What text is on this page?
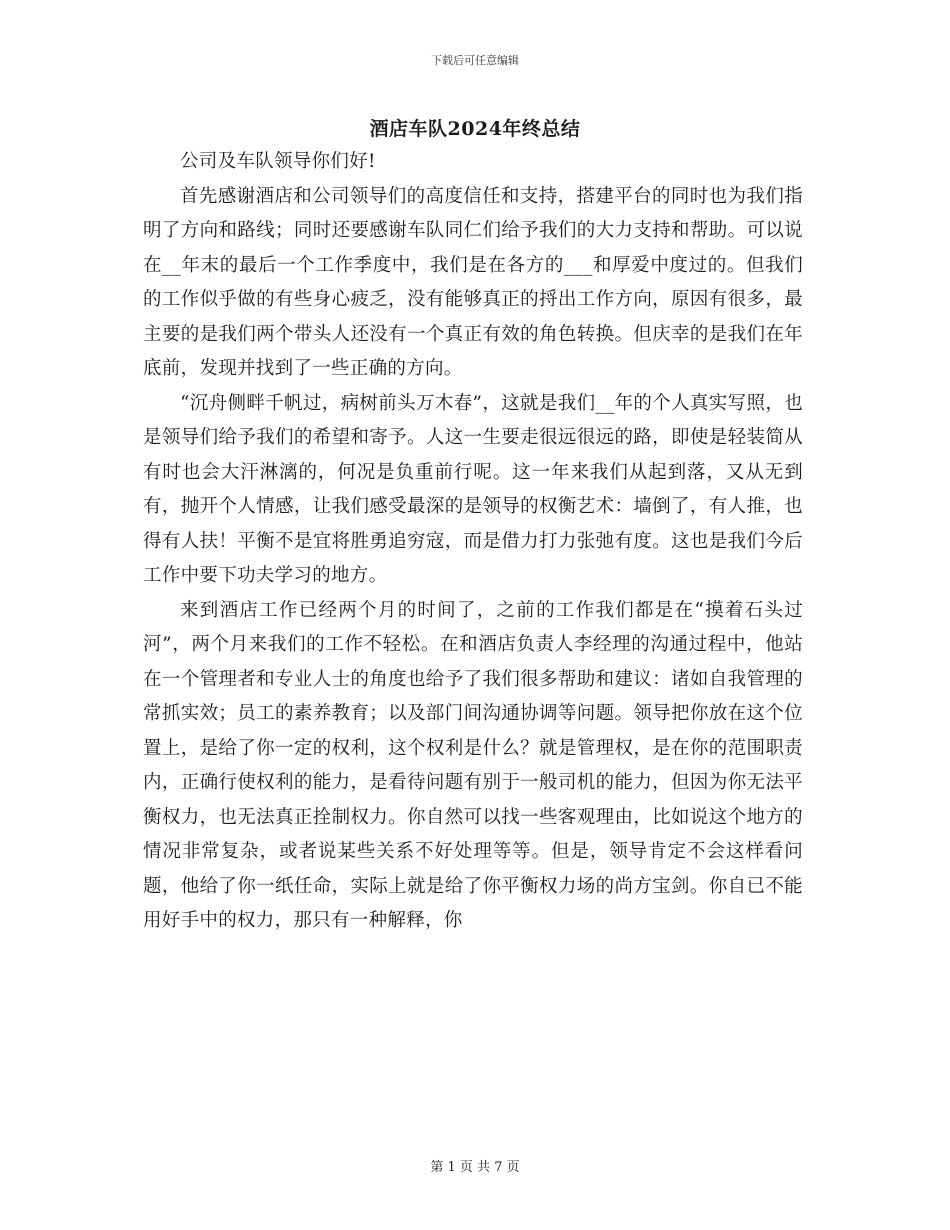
下载后可任意编辑
酒店车队2024年终总结

公司及车队领导你们好!

首先感谢酒店和公司领导们的高度信任和支持，搭建平台的同时也为我们指明了方向和路线；同时还要感谢车队同仁们给予我们的大力支持和帮助。可以说在__年末的最后一个工作季度中，我们是在各方的___和厚爱中度过的。但我们的工作似乎做的有些身心疲乏，没有能够真正的捋出工作方向，原因有很多，最主要的是我们两个带头人还没有一个真正有效的角色转换。但庆幸的是我们在年底前，发现并找到了一些正确的方向。

“沉舟侧畔千帆过，病树前头万木春”，这就是我们__年的个人真实写照，也是领导们给予我们的希望和寄予。人这一生要走很远很远的路，即使是轻装简从有时也会大汗淋漓的，何况是负重前行呢。这一年来我们从起到落，又从无到有，抛开个人情感，让我们感受最深的是领导的权衡艺术：墙倒了，有人推，也得有人扶！平衡不是宜将胜勇追穷寇，而是借力打力张弛有度。这也是我们今后工作中要下功夫学习的地方。

来到酒店工作已经两个月的时间了，之前的工作我们都是在“摸着石头过河”，两个月来我们的工作不轻松。在和酒店负责人李经理的沟通过程中，他站在一个管理者和专业人士的角度也给予了我们很多帮助和建议：诸如自我管理的常抓实效；员工的素养教育；以及部门间沟通协调等问题。领导把你放在这个位置上，是给了你一定的权利，这个权利是什么？就是管理权，是在你的范围职责内，正确行使权利的能力，是看待问题有别于一般司机的能力，但因为你无法平衡权力，也无法真正拴制权力。你自然可以找一些客观理由，比如说这个地方的情况非常复杂，或者说某些关系不好处理等等。但是，领导肯定不会这样看问题，他给了你一纸任命，实际上就是给了你平衡权力场的尚方宝剑。你自已不能用好手中的权力，那只有一种解释，你

第 1 页 共 7 页
